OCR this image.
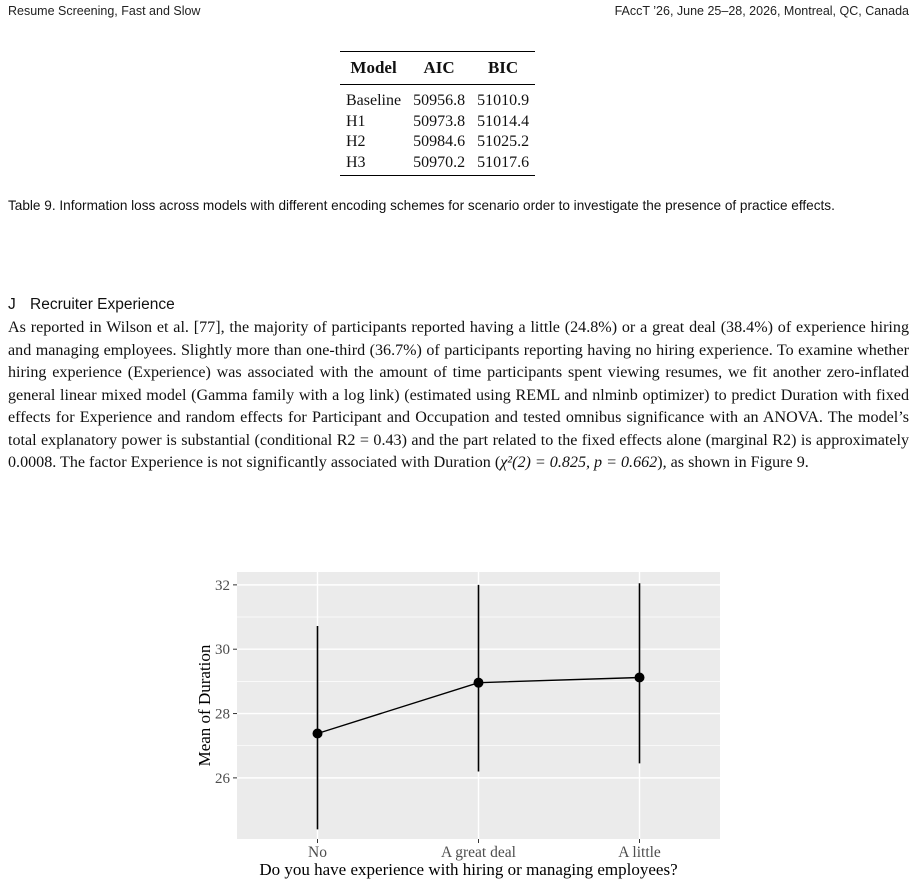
Resume Screening, Fast and Slow	FAccT ’26, June 25–28, 2026, Montreal, QC, Canada
Model	AIC	BIC
Baseline	50956.8	51010.9
H1	50973.8	51014.4
H2	50984.6	51025.2
H3	50970.2	51017.6
Table 9. Information loss across models with different encoding schemes for scenario order to investigate the presence of practice effects.
J Recruiter Experience

As reported in Wilson et al. [77], the majority of participants reported having a little (24.8%) or a great deal (38.4%) of experience hiring and managing employees. Slightly more than one-third (36.7%) of participants reporting having no hiring experience. To examine whether hiring experience (Experience) was associated with the amount of time participants spent viewing resumes, we fit another zero-inflated general linear mixed model (Gamma family with a log link) (estimated using REML and nlminb optimizer) to predict Duration with fixed effects for Experience and random effects for Participant and Occupation and tested omnibus significance with an ANOVA. The model’s total explanatory power is substantial (conditional R2 = 0.43) and the part related to the fixed effects alone (marginal R2) is approximately 0.0008. The factor Experience is not significantly associated with Duration (χ²(2) = 0.825, p = 0.662), as shown in Figure 9.

26
28
30
32
No	A great deal	A little
Mean of Duration
Do you have experience with hiring or managing employees?
